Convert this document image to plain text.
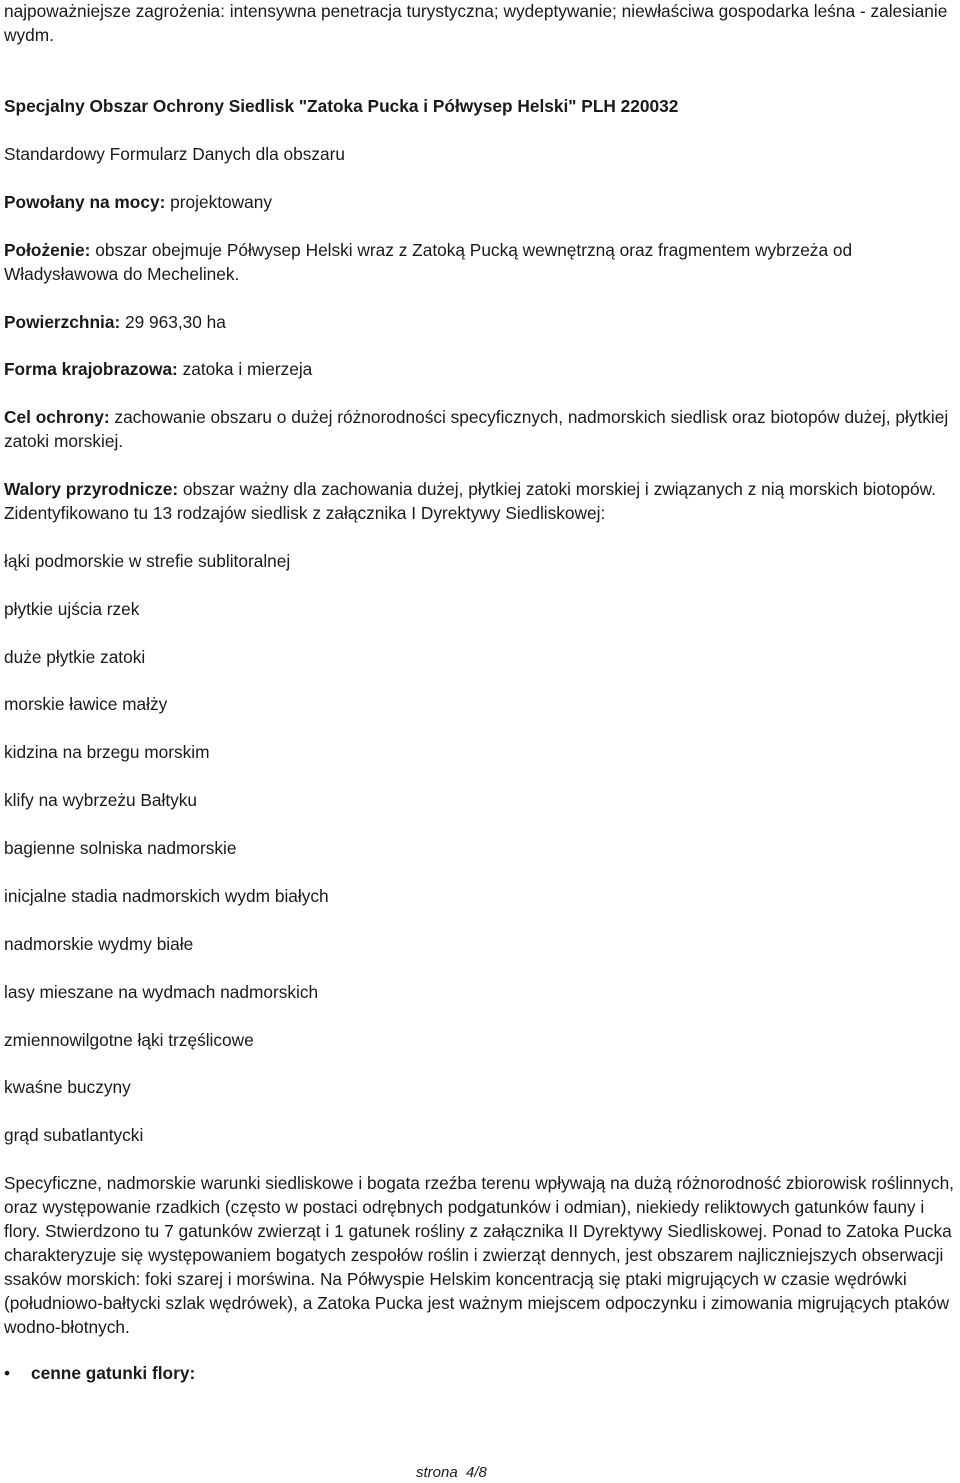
najpoważniejsze zagrożenia: intensywna penetracja turystyczna; wydeptywanie; niewłaściwa gospodarka leśna - zalesianie wydm.

Specjalny Obszar Ochrony Siedlisk "Zatoka Pucka i Półwysep Helski" PLH 220032

Standardowy Formularz Danych dla obszaru

Powołany na mocy: projektowany

Położenie: obszar obejmuje Półwysep Helski wraz z Zatoką Pucką wewnętrzną oraz fragmentem wybrzeża od Władysławowa do Mechelinek.

Powierzchnia: 29 963,30 ha

Forma krajobrazowa: zatoka i mierzeja

Cel ochrony: zachowanie obszaru o dużej różnorodności specyficznych, nadmorskich siedlisk oraz biotopów dużej, płytkiej zatoki morskiej.

Walory przyrodnicze: obszar ważny dla zachowania dużej, płytkiej zatoki morskiej i związanych z nią morskich biotopów. Zidentyfikowano tu 13 rodzajów siedlisk z załącznika I Dyrektywy Siedliskowej:

łąki podmorskie w strefie sublitoralnej
płytkie ujścia rzek
duże płytkie zatoki
morskie ławice małży
kidzina na brzegu morskim
klify na wybrzeżu Bałtyku
bagienne solniska nadmorskie
inicjalne stadia nadmorskich wydm białych
nadmorskie wydmy białe
lasy mieszane na wydmach nadmorskich
zmiennowilgotne łąki trzęślicowe
kwaśne buczyny
grąd subatlantycki

Specyficzne, nadmorskie warunki siedliskowe i bogata rzeźba terenu wpływają na dużą różnorodność zbiorowisk roślinnych, oraz występowanie rzadkich (często w postaci odrębnych podgatunków i odmian), niekiedy reliktowych gatunków fauny i flory. Stwierdzono tu 7 gatunków zwierząt i 1 gatunek rośliny z załącznika II Dyrektywy Siedliskowej. Ponad to Zatoka Pucka charakteryzuje się występowaniem bogatych zespołów roślin i zwierząt dennych, jest obszarem najliczniejszych obserwacji ssaków morskich: foki szarej i morświna. Na Półwyspie Helskim koncentracją się ptaki migrujących w czasie wędrówki (południowo-bałtycki szlak wędrówek), a Zatoka Pucka jest ważnym miejscem odpoczynku i zimowania migrujących ptaków wodno-błotnych.

•	cenne gatunki flory:
strona  4/8
